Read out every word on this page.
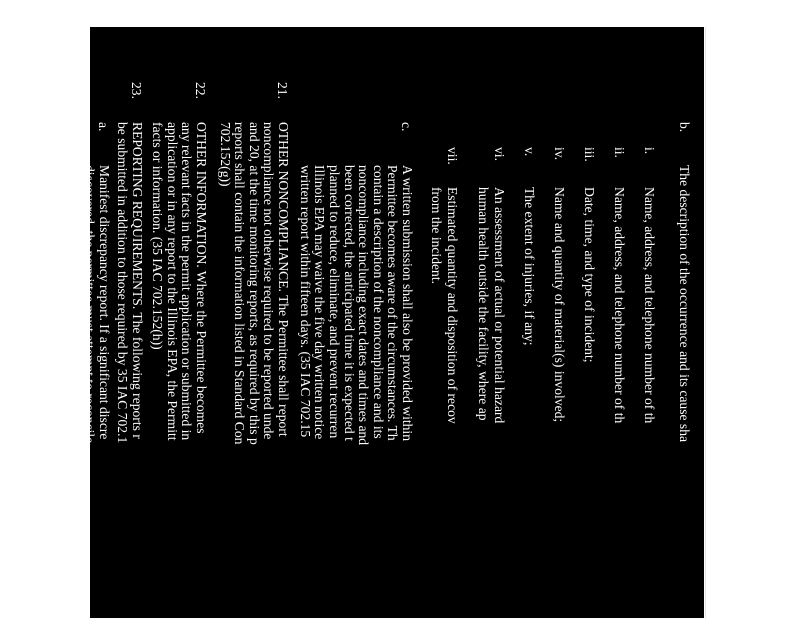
b.
The description of the occurrence and its cause sha
i.
Name, address, and telephone number of th
ii.
Name, address, and telephone number of th
iii.
Date, time, and type of incident;
iv.
Name and quantity of material(s) involved;
v.
The extent of injuries, if any;
vi.
An assessment of actual or potential hazard
human health outside the facility, where ap
vii.
Estimated quantity and disposition of recov
from the incident.
c.
A written submission shall also be provided within
Permittee becomes aware of the circumstances. Th
contain a description of the noncompliance and its
noncompliance including exact dates and times and
been corrected, the anticipated time it is expected t
planned to reduce, eliminate, and prevent recurren
Illinois EPA may waive the five day written notice
written report within fifteen days. (35 IAC 702.15
21.
OTHER NONCOMPLIANCE. The Permittee shall report
noncompliance not otherwise required to be reported unde
and 20, at the time monitoring reports, as required by this p
reports shall contain the information listed in Standard Con
702.152(g))
22.
OTHER INFORMATION. Where the Permittee becomes
any relevant facts in the permit application or submitted in
application or in any report to the Illinois EPA, the Permitt
facts or information. (35 IAC 702.152(h))
23.
REPORTING REQUIREMENTS. The following reports r
be submitted in addition to those required by 35 IAC 702.1
a.
Manifest discrepancy report. If a significant discre
discovered, the permittee must attempt to reconcile
generator or transporter. If the discrepancy is not r
receiving the waste, the permittee must immediatel
